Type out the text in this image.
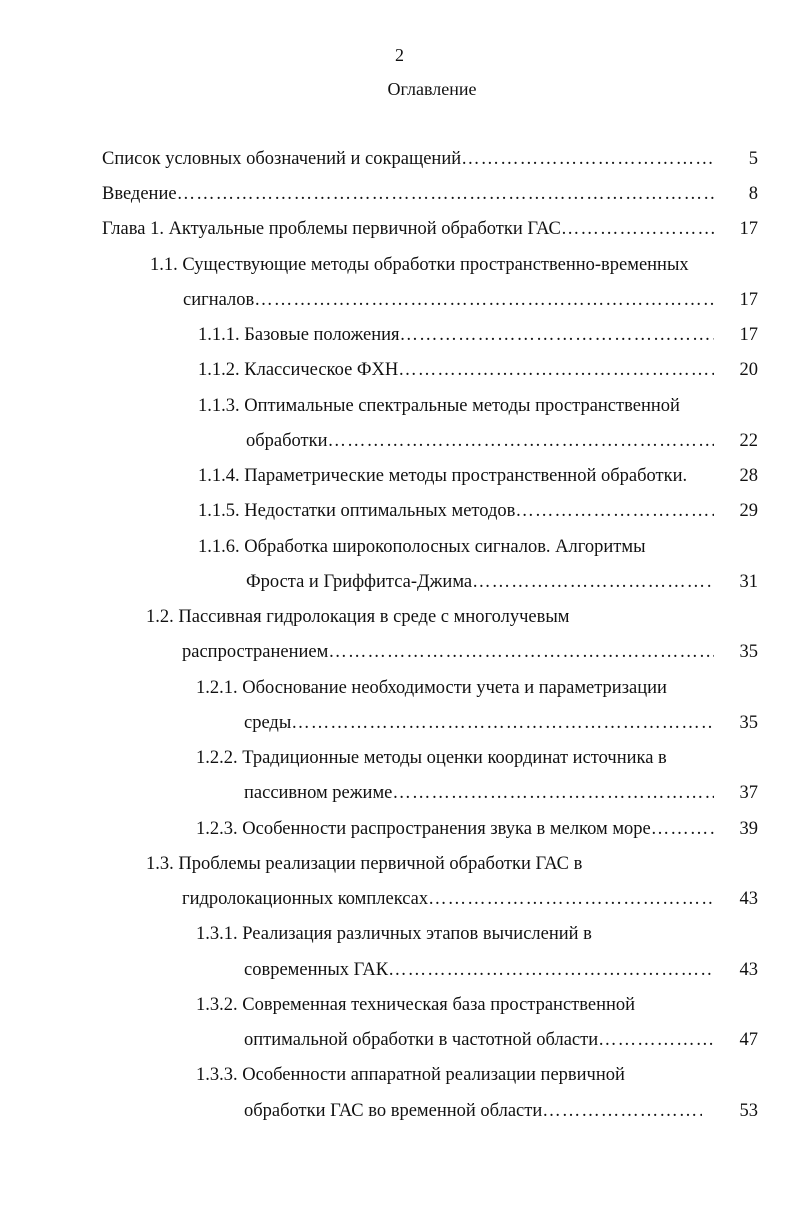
2
Оглавление
Список условных обозначений и сокращений ……………………………………………………………………………………………………………………………………………………………………………	5
Введение ……………………………………………………………………………………………………………………………………………………………………………	8
Глава 1. Актуальные проблемы первичной обработки ГАС ……………………………………………………………………………………………………………………………………………………………………………	17
1.1. Существующие методы обработки пространственно-временных
сигналов ……………………………………………………………………………………………………………………………………………………………………………	17
1.1.1. Базовые положения ……………………………………………………………………………………………………………………………………………………………………………	17
1.1.2. Классическое ФХН ……………………………………………………………………………………………………………………………………………………………………………	20
1.1.3. Оптимальные спектральные методы пространственной
обработки ……………………………………………………………………………………………………………………………………………………………………………	22
1.1.4. Параметрические методы пространственной обработки.	28
1.1.5. Недостатки оптимальных методов ……………………………………………………………………………………………………………………………………………………………………………	29
1.1.6. Обработка широкополосных сигналов. Алгоритмы
Фроста и Гриффитса-Джима ……………………………………………………………………………………………………………………………………………………………………………	31
1.2. Пассивная гидролокация в среде с многолучевым
распространением ……………………………………………………………………………………………………………………………………………………………………………	35
1.2.1. Обоснование необходимости учета и параметризации
среды ……………………………………………………………………………………………………………………………………………………………………………	35
1.2.2. Традиционные методы оценки координат источника в
пассивном режиме ……………………………………………………………………………………………………………………………………………………………………………	37
1.2.3. Особенности распространения звука в мелком море ……………………………………………………………………………………………………………………………………………………………………………	39
1.3. Проблемы реализации первичной обработки ГАС в
гидролокационных комплексах ……………………………………………………………………………………………………………………………………………………………………………	43
1.3.1. Реализация различных этапов вычислений в
современных ГАК ……………………………………………………………………………………………………………………………………………………………………………	43
1.3.2. Современная техническая база пространственной
оптимальной обработки в частотной области ……………………………………………………………………………………………………………………………………………………………………………	47
1.3.3. Особенности аппаратной реализации первичной
обработки ГАС во временной области ……………………………………………………………………………………………………………………………………………………………………………	53
